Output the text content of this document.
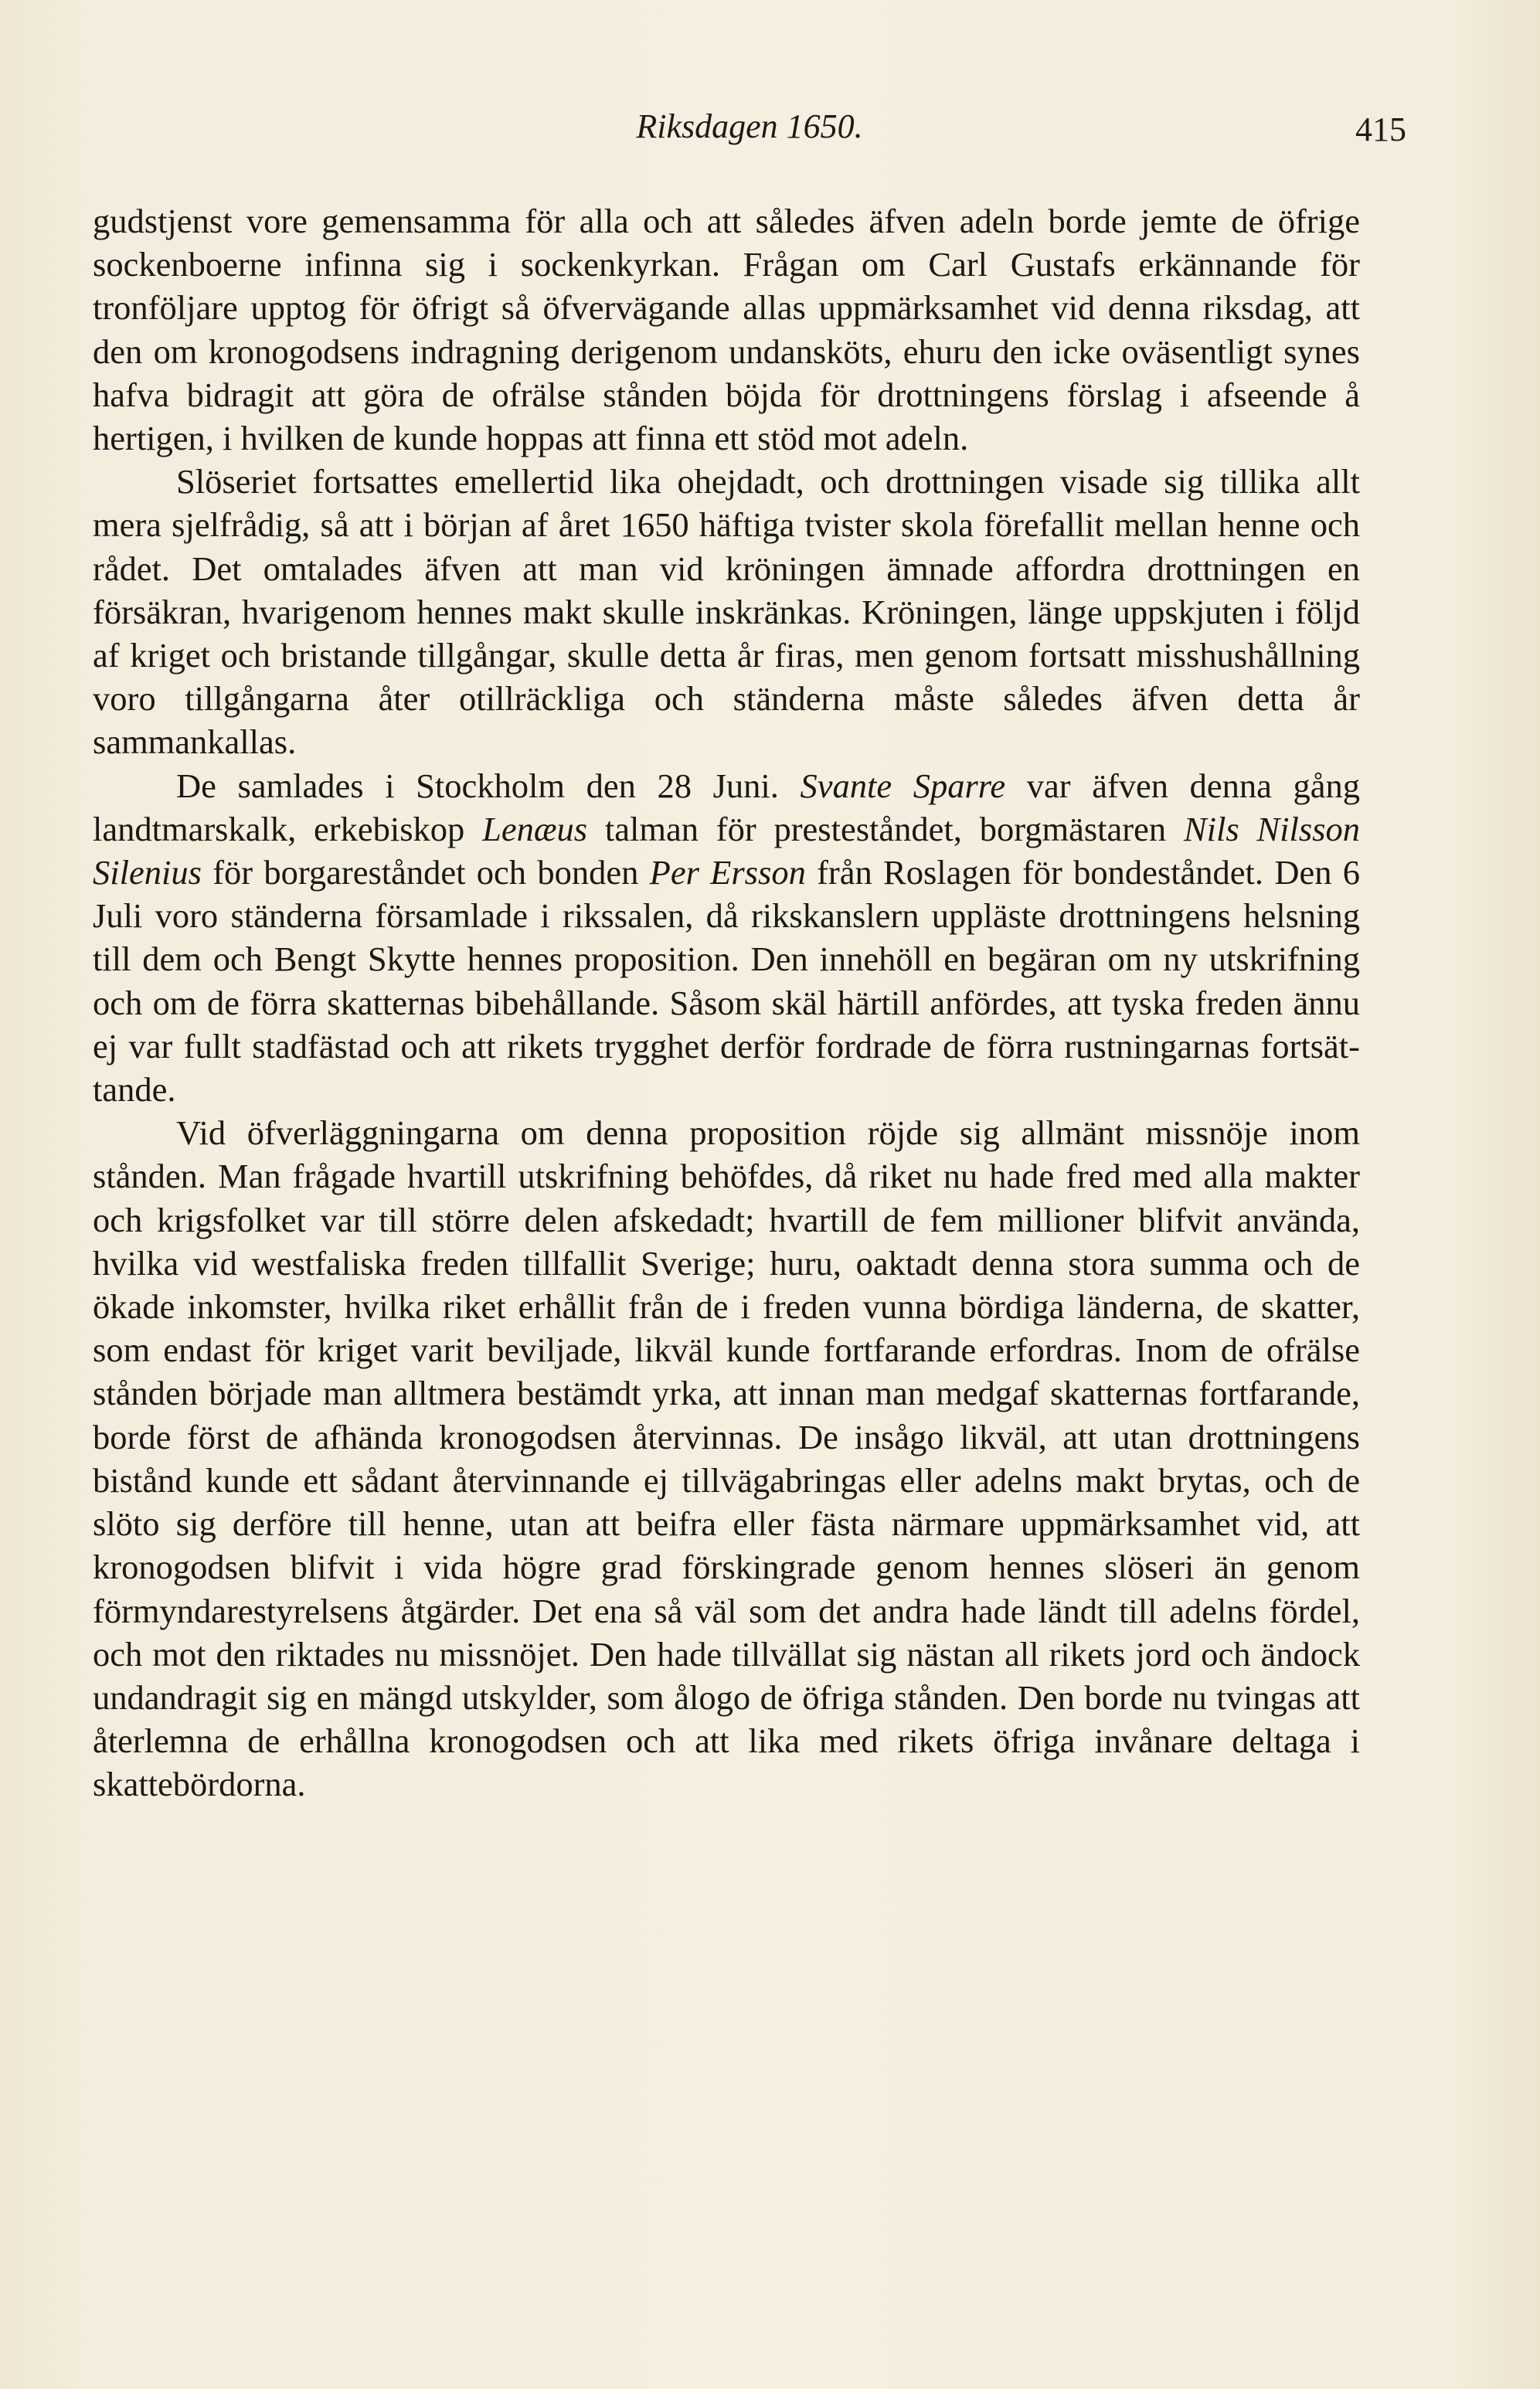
Riksdagen 1650.	415

gudstjenst vore gemensamma för alla och att således äfven adeln borde jemte de öfrige sockenboerne infinna sig i sockenkyrkan. Frågan om Carl Gustafs erkännande för tronföljare upptog för öfrigt så öfvervägande allas uppmärksamhet vid denna riksdag, att den om kronogodsens indragning derigenom undansköts, ehuru den icke oväsentligt synes hafva bidragit att göra de ofrälse stånden böjda för drottningens förslag i afseende å hertigen, i hvilken de kunde hoppas att finna ett stöd mot adeln.

Slöseriet fortsattes emellertid lika ohejdadt, och drottningen visade sig tillika allt mera sjelfrådig, så att i början af året 1650 häftiga tvister skola förefallit mellan henne och rådet. Det omtalades äfven att man vid kröningen ämnade affordra drottningen en försäkran, hvarigenom hennes makt skulle inskränkas. Kröningen, länge uppskjuten i följd af kriget och bristande tillgångar, skulle detta år firas, men genom fortsatt misshushållning voro tillgångarna åter otillräckliga och ständerna måste således äfven detta år sammankallas.

De samlades i Stockholm den 28 Juni. Svante Sparre var äfven denna gång landtmarskalk, erkebiskop Lenæus talman för presteståndet, borgmästaren Nils Nilsson Silenius för borgareståndet och bonden Per Ersson från Roslagen för bondeståndet. Den 6 Juli voro ständerna församlade i rikssalen, då rikskanslern uppläste drottningens helsning till dem och Bengt Skytte hennes proposition. Den innehöll en begäran om ny utskrifning och om de förra skatternas bibehållande. Såsom skäl härtill anfördes, att tyska freden ännu ej var fullt stadfästad och att rikets trygghet derför fordrade de förra rustningarnas fortsättande.

Vid öfverläggningarna om denna proposition röjde sig allmänt missnöje inom stånden. Man frågade hvartill utskrifning behöfdes, då riket nu hade fred med alla makter och krigsfolket var till större delen afskedadt; hvartill de fem millioner blifvit använda, hvilka vid westfaliska freden tillfallit Sverige; huru, oaktadt denna stora summa och de ökade inkomster, hvilka riket erhållit från de i freden vunna bördiga länderna, de skatter, som endast för kriget varit beviljade, likväl kunde fortfarande erfordras. Inom de ofrälse stånden började man alltmera bestämdt yrka, att innan man medgaf skatternas fortfarande, borde först de afhända kronogodsen återvinnas. De insågo likväl, att utan drottningens bistånd kunde ett sådant återvinnande ej tillvägabringas eller adelns makt brytas, och de slöto sig derföre till henne, utan att beifra eller fästa närmare uppmärksamhet vid, att kronogodsen blifvit i vida högre grad förskingrade genom hennes slöseri än genom förmyndarestyrelsens åtgärder. Det ena så väl som det andra hade ländt till adelns fördel, och mot den riktades nu missnöjet. Den hade tillvällat sig nästan all rikets jord och ändock undandragit sig en mängd utskylder, som ålogo de öfriga stånden. Den borde nu tvingas att återlemna de erhållna kronogodsen och att lika med rikets öfriga invånare deltaga i skattebördorna.
